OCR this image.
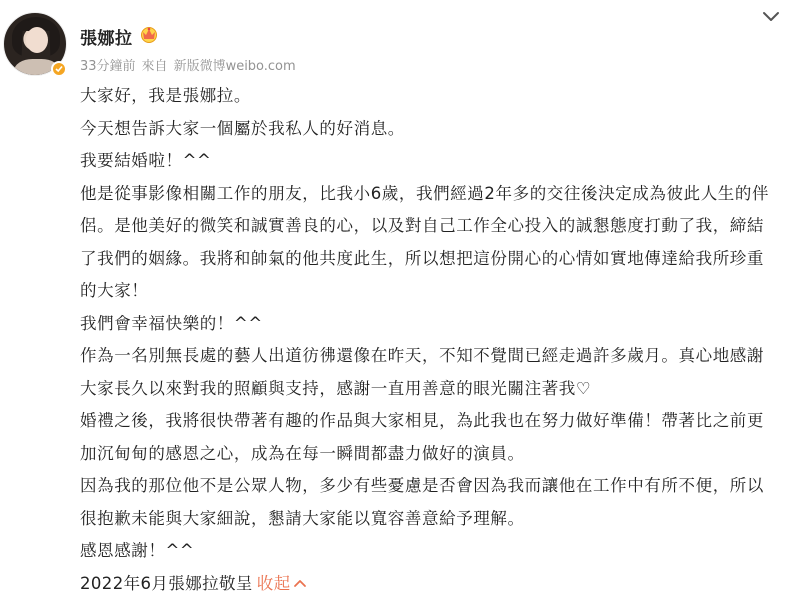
張娜拉
33分鐘前 來自 新版微博weibo.com
大家好，我是張娜拉。
今天想告訴大家一個屬於我私人的好消息。
我要結婚啦！^^
他是從事影像相關工作的朋友，比我小6歲，我們經過2年多的交往後決定成為彼此人生的伴侶。是他美好的微笑和誠實善良的心，以及對自己工作全心投入的誠懇態度打動了我，締結了我們的姻緣。我將和帥氣的他共度此生，所以想把這份開心的心情如實地傳達給我所珍重的大家！
我們會幸福快樂的！^^
作為一名別無長處的藝人出道彷彿還像在昨天，不知不覺間已經走過許多歲月。真心地感謝大家長久以來對我的照顧與支持，感謝一直用善意的眼光關注著我♡
婚禮之後，我將很快帶著有趣的作品與大家相見，為此我也在努力做好準備！帶著比之前更加沉甸甸的感恩之心，成為在每一瞬間都盡力做好的演員。
因為我的那位他不是公眾人物，多少有些憂慮是否會因為我而讓他在工作中有所不便，所以很抱歉未能與大家細說，懇請大家能以寬容善意給予理解。
感恩感謝！^^
2022年6月張娜拉敬呈 收起
